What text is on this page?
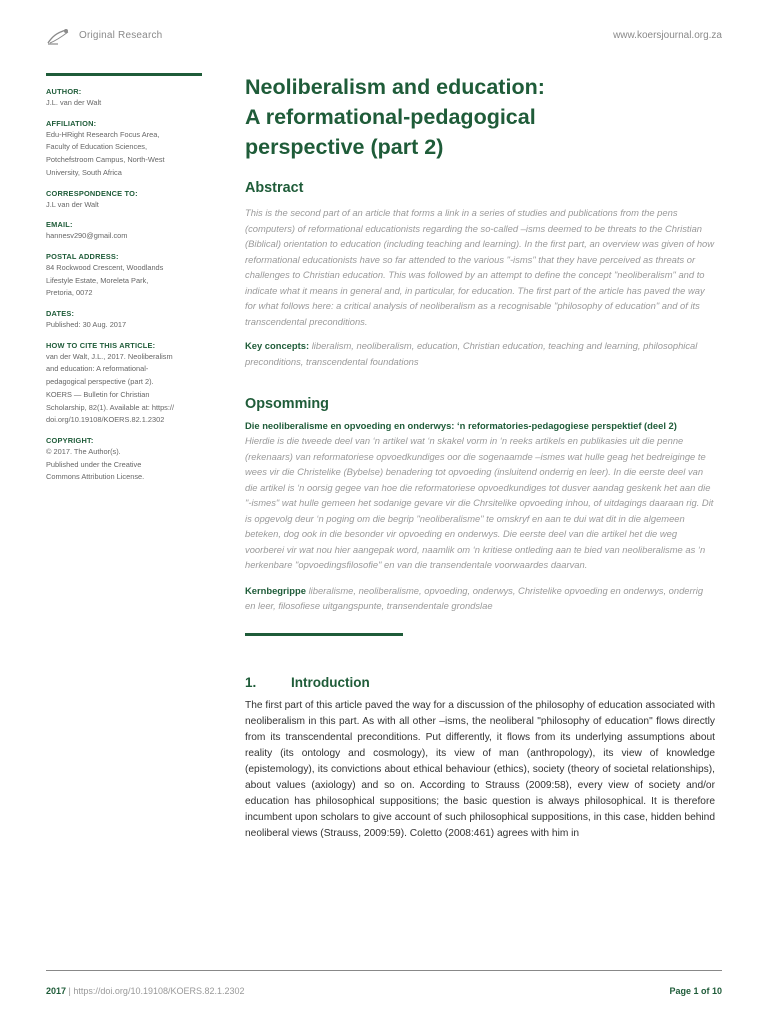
Original Research	www.koersjournal.org.za
AUTHOR:
J.L. van der Walt
AFFILIATION:
Edu-HRight Research Focus Area,
Faculty of Education Sciences,
Potchefstroom Campus, North-West
University, South Africa
CORRESPONDENCE TO:
J.L van der Walt
EMAIL:
hannesv290@gmail.com
POSTAL ADDRESS:
84 Rockwood Crescent, Woodlands
Lifestyle Estate, Moreleta Park,
Pretoria, 0072
DATES:
Published: 30 Aug. 2017
HOW TO CITE THIS ARTICLE:
van der Walt, J.L., 2017. Neoliberalism
and education: A reformational-
pedagogical perspective (part 2).
KOERS — Bulletin for Christian
Scholarship, 82(1). Available at: https://
doi.org/10.19108/KOERS.82.1.2302
COPYRIGHT:
© 2017. The Author(s).
Published under the Creative
Commons Attribution License.
Neoliberalism and education:
A reformational-pedagogical
perspective (part 2)
Abstract
This is the second part of an article that forms a link in a series of studies and publications from the pens (computers) of reformational educationists regarding the so-called –isms deemed to be threats to the Christian (Biblical) orientation to education (including teaching and learning). In the first part, an overview was given of how reformational educationists have so far attended to the various "-isms" that they have perceived as threats or challenges to Christian education. This was followed by an attempt to define the concept "neoliberalism" and to indicate what it means in general and, in particular, for education. The first part of the article has paved the way for what follows here: a critical analysis of neoliberalism as a recognisable "philosophy of education" and of its transcendental preconditions.
Key concepts: liberalism, neoliberalism, education, Christian education, teaching and learning, philosophical preconditions, transcendental foundations
Opsomming
Die neoliberalisme en opvoeding en onderwys: ‘n reformatories-pedagogiese perspektief (deel 2)
Hierdie is die tweede deel van ‘n artikel wat ‘n skakel vorm in ‘n reeks artikels en publikasies uit die penne (rekenaars) van reformatoriese opvoedkundiges oor die sogenaamde –ismes wat hulle geag het bedreiginge te wees vir die Christelike (Bybelse) benadering tot opvoeding (insluitend onderrig en leer). In die eerste deel van die artikel is ‘n oorsig gegee van hoe die reformatoriese opvoedkundiges tot dusver aandag geskenk het aan die "-ismes" wat hulle gemeen het sodanige gevare vir die Chrsitelike opvoeding inhou, of uitdagings daaraan rig. Dit is opgevolg deur ‘n poging om die begrip "neoliberalisme" te omskryf en aan te dui wat dit in die algemeen beteken, dog ook in die besonder vir opvoeding en onderwys. Die eerste deel van die artikel het die weg voorberei vir wat nou hier aangepak word, naamlik om ‘n kritiese ontleding aan te bied van neoliberalisme as ‘n herkenbare "opvoedingsfilosofie" en van die transendentale voorwaardes daarvan.
Kernbegrippe liberalisme, neoliberalisme, opvoeding, onderwys, Christelike opvoeding en onderwys, onderrig en leer, filosofiese uitgangspunte, transendentale grondslae
1.	Introduction
The first part of this article paved the way for a discussion of the philosophy of education associated with neoliberalism in this part. As with all other –isms, the neoliberal "philosophy of education" flows directly from its transcendental preconditions. Put differently, it flows from its underlying assumptions about reality (its ontology and cosmology), its view of man (anthropology), its view of knowledge (epistemology), its convictions about ethical behaviour (ethics), society (theory of societal relationships), about values (axiology) and so on. According to Strauss (2009:58), every view of society and/or education has philosophical suppositions; the basic question is always philosophical. It is therefore incumbent upon scholars to give account of such philosophical suppositions, in this case, hidden behind neoliberal views (Strauss, 2009:59). Coletto (2008:461) agrees with him in
2017 | https://doi.org/10.19108/KOERS.82.1.2302	Page 1 of 10
